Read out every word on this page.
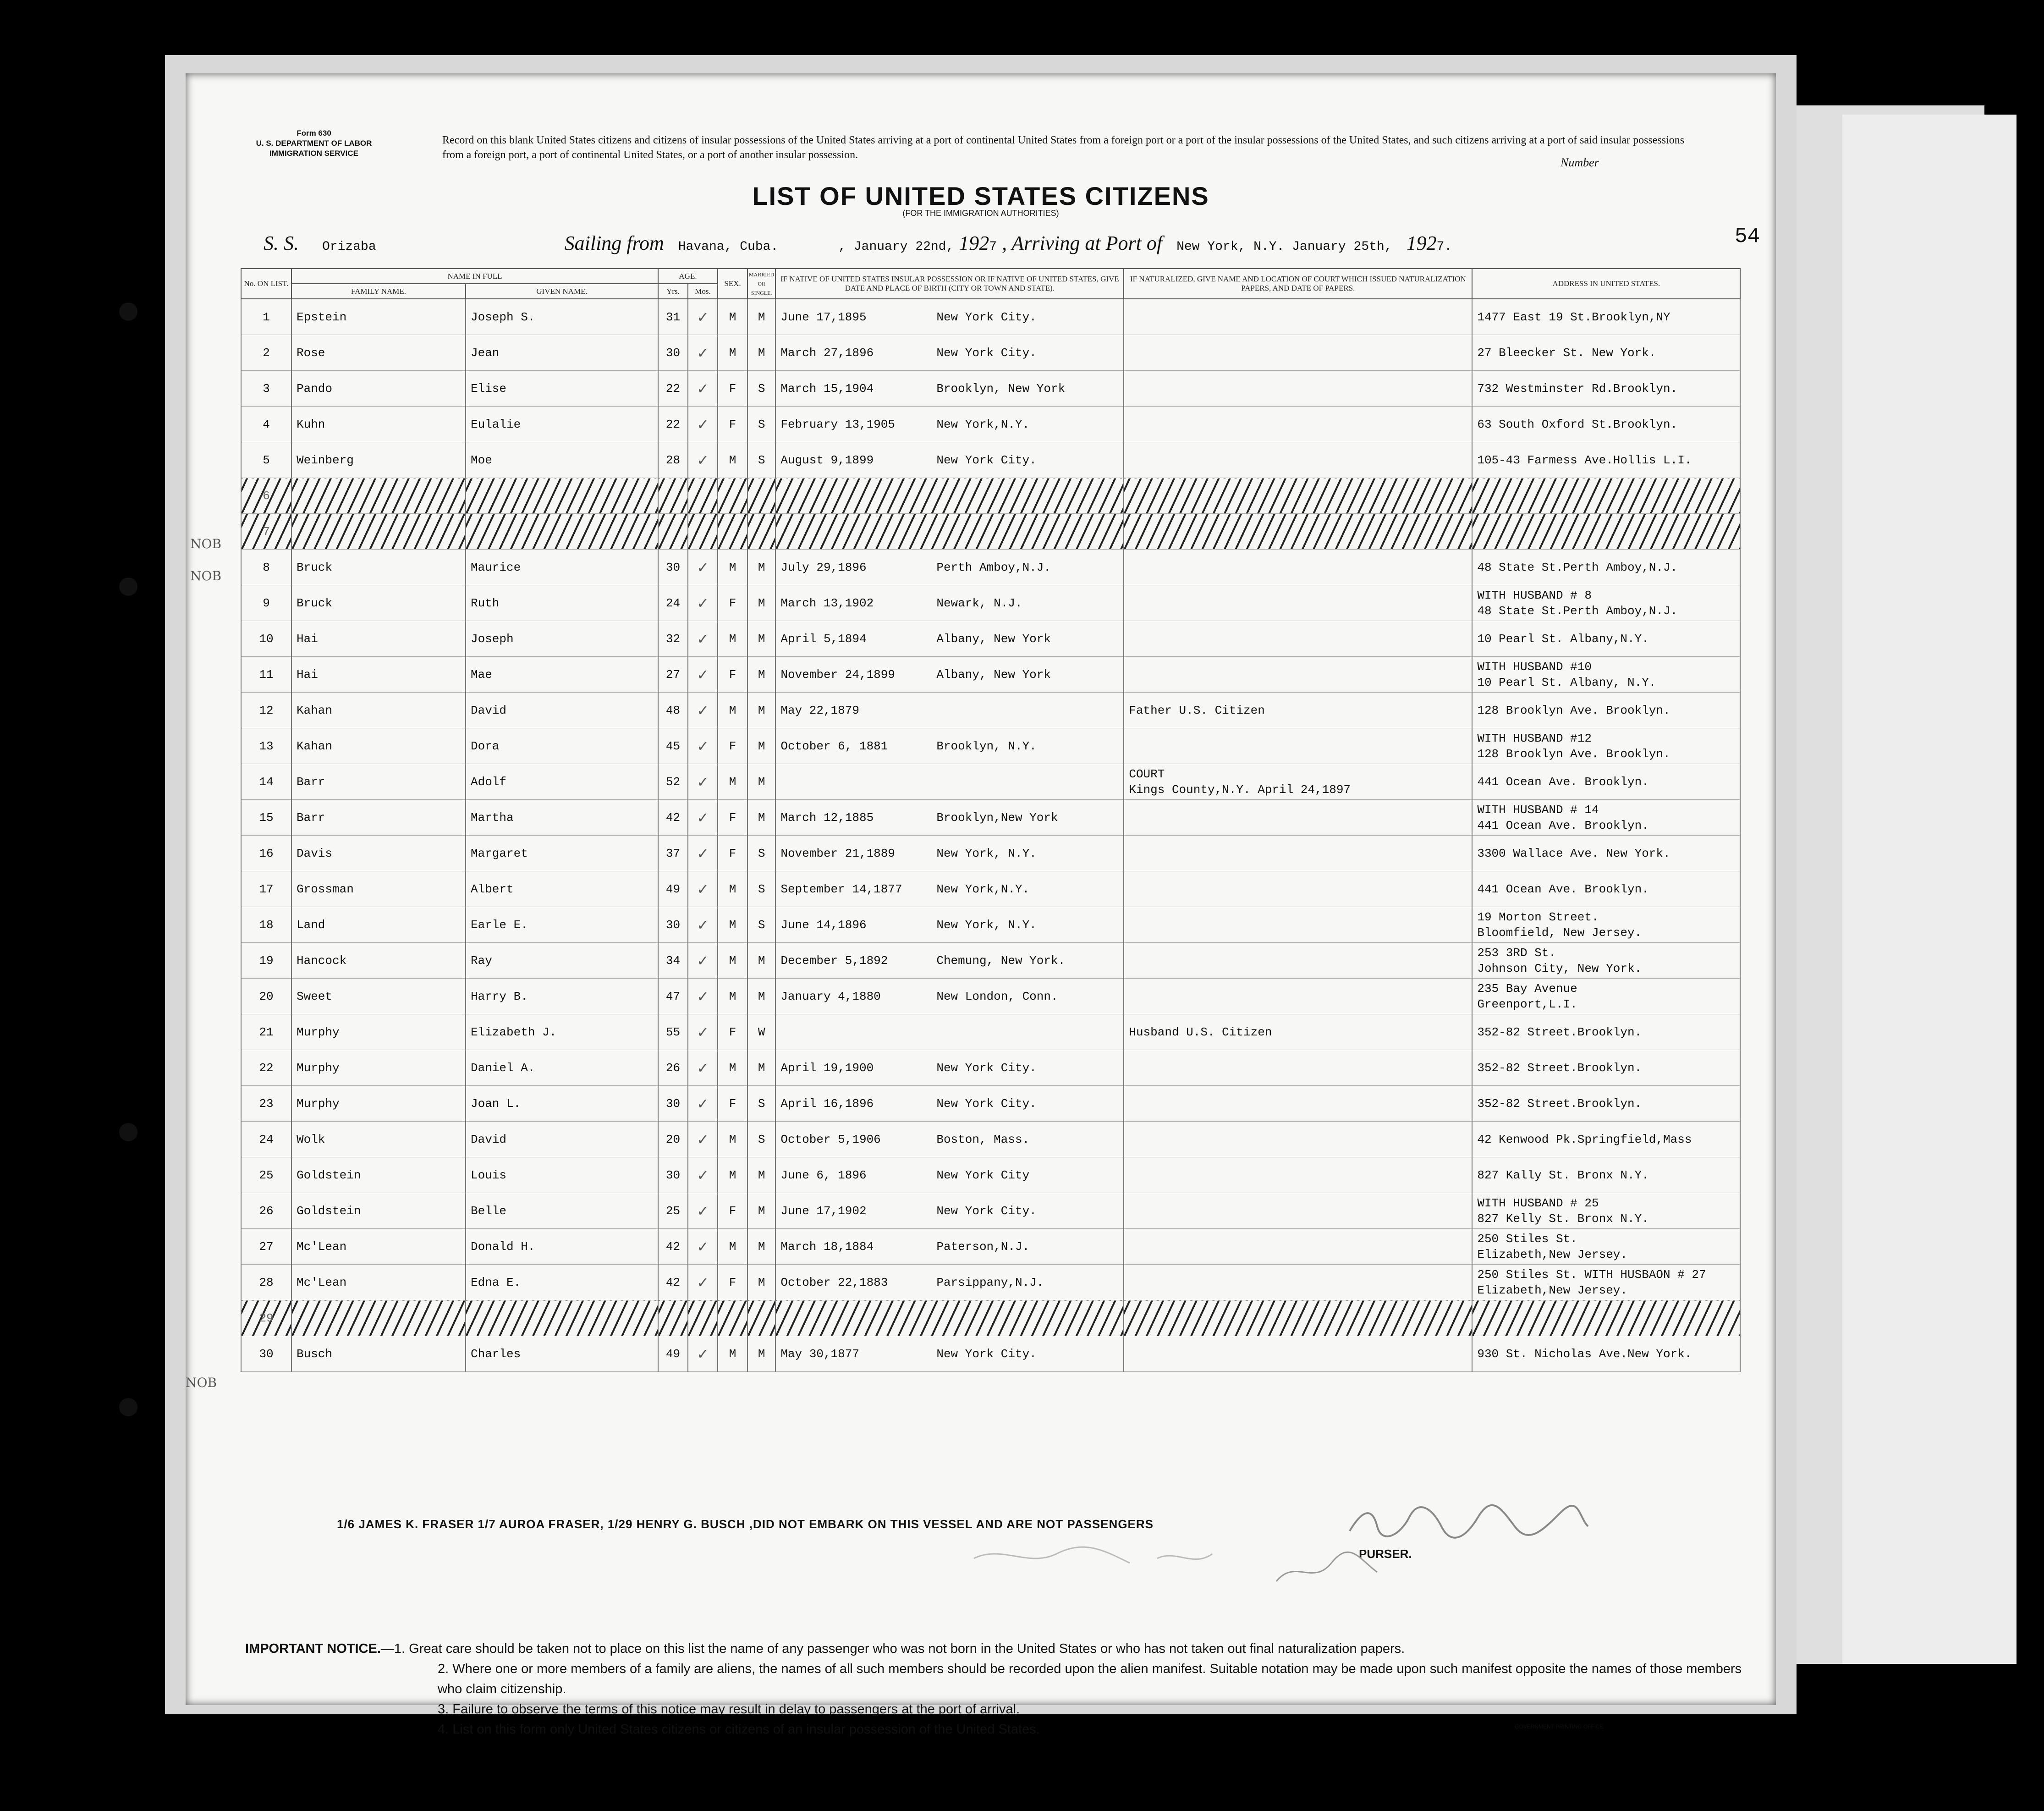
Form 630
U. S. DEPARTMENT OF LABOR
IMMIGRATION SERVICE
Record on this blank United States citizens and citizens of insular possessions of the United States arriving at a port of continental United States from a foreign port or a port of the insular possessions of the United States, and such citizens arriving at a port of said insular possessions from a foreign port, a port of continental United States, or a port of another insular possession.
Number
LIST OF UNITED STATES CITIZENS
(FOR THE IMMIGRATION AUTHORITIES)
54
S. S. Orizaba	Sailing from Havana, Cuba.	, January 22nd, 1927 , Arriving at Port of New York, N.Y. January 25th, 1927.
No. ON LIST.	NAME IN FULL		AGE.		SEX.	MARRIED OR SINGLE.	IF NATIVE OF UNITED STATES INSULAR POSSESSION OR IF NATIVE OF UNITED STATES, GIVE DATE AND PLACE OF BIRTH (CITY OR TOWN AND STATE).	IF NATURALIZED, GIVE NAME AND LOCATION OF COURT WHICH ISSUED NATURALIZATION PAPERS, AND DATE OF PAPERS.	ADDRESS IN UNITED STATES.
	FAMILY NAME.	GIVEN NAME.	Yrs.	Mos.					
1	Epstein	Joseph S.	31	✓	M	M	June 17,1895 New York City.		1477 East 19 St.Brooklyn,NY

2	Rose	Jean	30	✓	M	M	March 27,1896 New York City.		27 Bleecker St. New York.

3	Pando	Elise	22	✓	F	S	March 15,1904 Brooklyn, New York		732 Westminster Rd.Brooklyn.

4	Kuhn	Eulalie	22	✓	F	S	February 13,1905 New York,N.Y.		63 South Oxford St.Brooklyn.

5	Weinberg	Moe	28	✓	M	S	August 9,1899 New York City.		105-43 Farmess Ave.Hollis L.I.

6								

7								

8	Bruck	Maurice	30	✓	M	M	July 29,1896 Perth Amboy,N.J.		48 State St.Perth Amboy,N.J.

9	Bruck	Ruth	24	✓	F	M	March 13,1902 Newark, N.J.		WITH HUSBAND # 8
48 State St.Perth Amboy,N.J.

10	Hai	Joseph	32	✓	M	M	April 5,1894 Albany, New York		10 Pearl St. Albany,N.Y.

11	Hai	Mae	27	✓	F	M	November 24,1899 Albany, New York		WITH HUSBAND #10
10 Pearl St. Albany, N.Y.

12	Kahan	David	48	✓	M	M	May 22,1879	Father U.S. Citizen	128 Brooklyn Ave. Brooklyn.

13	Kahan	Dora	45	✓	F	M	October 6, 1881 Brooklyn, N.Y.		WITH HUSBAND #12
128 Brooklyn Ave. Brooklyn.

14	Barr	Adolf	52	✓	M	M		COURT
Kings County,N.Y. April 24,1897	441 Ocean Ave. Brooklyn.

15	Barr	Martha	42	✓	F	M	March 12,1885 Brooklyn,New York		WITH HUSBAND # 14
441 Ocean Ave. Brooklyn.

16	Davis	Margaret	37	✓	F	S	November 21,1889 New York, N.Y.		3300 Wallace Ave. New York.

17	Grossman	Albert	49	✓	M	S	September 14,1877 New York,N.Y.		441 Ocean Ave. Brooklyn.

18	Land	Earle E.	30	✓	M	S	June 14,1896 New York, N.Y.		19 Morton Street.
Bloomfield, New Jersey.

19	Hancock	Ray	34	✓	M	M	December 5,1892 Chemung, New York.		253 3RD St.
Johnson City, New York.

20	Sweet	Harry B.	47	✓	M	M	January 4,1880 New London, Conn.		235 Bay Avenue
Greenport,L.I.

21	Murphy	Elizabeth J.	55	✓	F	W		Husband U.S. Citizen	352-82 Street.Brooklyn.

22	Murphy	Daniel A.	26	✓	M	M	April 19,1900 New York City.		352-82 Street.Brooklyn.

23	Murphy	Joan L.	30	✓	F	S	April 16,1896 New York City.		352-82 Street.Brooklyn.

24	Wolk	David	20	✓	M	S	October 5,1906 Boston, Mass.		42 Kenwood Pk.Springfield,Mass

25	Goldstein	Louis	30	✓	M	M	June 6, 1896 New York City		827 Kally St. Bronx N.Y.

26	Goldstein	Belle	25	✓	F	M	June 17,1902 New York City.		WITH HUSBAND # 25
827 Kelly St. Bronx N.Y.

27	Mc'Lean	Donald H.	42	✓	M	M	March 18,1884 Paterson,N.J.		250 Stiles St.
Elizabeth,New Jersey.

28	Mc'Lean	Edna E.	42	✓	F	M	October 22,1883 Parsippany,N.J.		250 Stiles St. WITH HUSBAON # 27
Elizabeth,New Jersey.

29								

30	Busch	Charles	49	✓	M	M	May 30,1877 New York City.		930 St. Nicholas Ave.New York.
NOB
NOB
NOB
1/6 JAMES K. FRASER 1/7 AUROA FRASER, 1/29 HENRY G. BUSCH ,DID NOT EMBARK ON THIS VESSEL AND ARE NOT PASSENGERS
PURSER.
IMPORTANT NOTICE.—1. Great care should be taken not to place on this list the name of any passenger who was not born in the United States or who has not taken out final naturalization papers.
2. Where one or more members of a family are aliens, the names of all such members should be recorded upon the alien manifest. Suitable notation may be made upon such manifest opposite the names of those members who claim citizenship.
3. Failure to observe the terms of this notice may result in delay to passengers at the port of arrival.
4. List on this form only United States citizens or citizens of an insular possession of the United States.	GOVERNMENT PRINTING OFFICE
